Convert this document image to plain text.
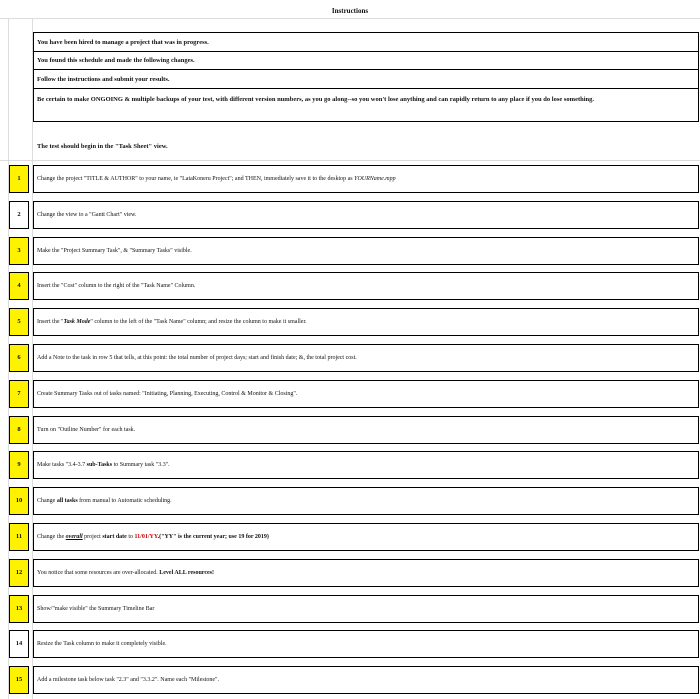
Instructions
You have been hired to manage a project that was in progress.
You found this schedule and made the following changes.
Follow the instructions and submit your results.
Be certain to make ONGOING & multiple backups of your test, with different version numbers, as you go along--so you won't lose anything and can rapidly return to any place if you do lose something.
The test should begin in the "Task Sheet" view.
1	Change the project "TITLE & AUTHOR" to your name, ie "LataKoneru Project"; and THEN, immediately save it to the desktop as YOURName.mpp
2	Change the view to a "Gantt Chart" view.
3	Make the "Project Summary Task", & "Summary Tasks" visible.
4	Insert the "Cost" column to the right of the "Task Name" Column.
5	Insert the "Task Mode" column to the left of the "Task Name" column; and resize the column to make it smaller.
6	Add a Note to the task in row 5 that tells, at this point: the total number of project days; start and finish date; &, the total project cost.
7	Create Summary Tasks out of tasks named: "Initiating, Planning, Executing, Control & Monitor & Closing".
8	Turn on "Outline Number" for each task.
9	Make tasks "3.4-3.7 sub-Tasks to Summary task "3.3".
10	Change all tasks from manual to Automatic scheduling.
11	Change the overall project start date to 11/01/YY.("YY" is the current year; use 19 for 2019)
12	You notice that some resources are over-allocated. Level ALL resources!
13	Show/"make visible" the Summary Timeline Bar
14	Resize the Task column to make it completely visible.
15	Add a milestone task below task "2.3" and "3.3.2". Name each "Milestone".
